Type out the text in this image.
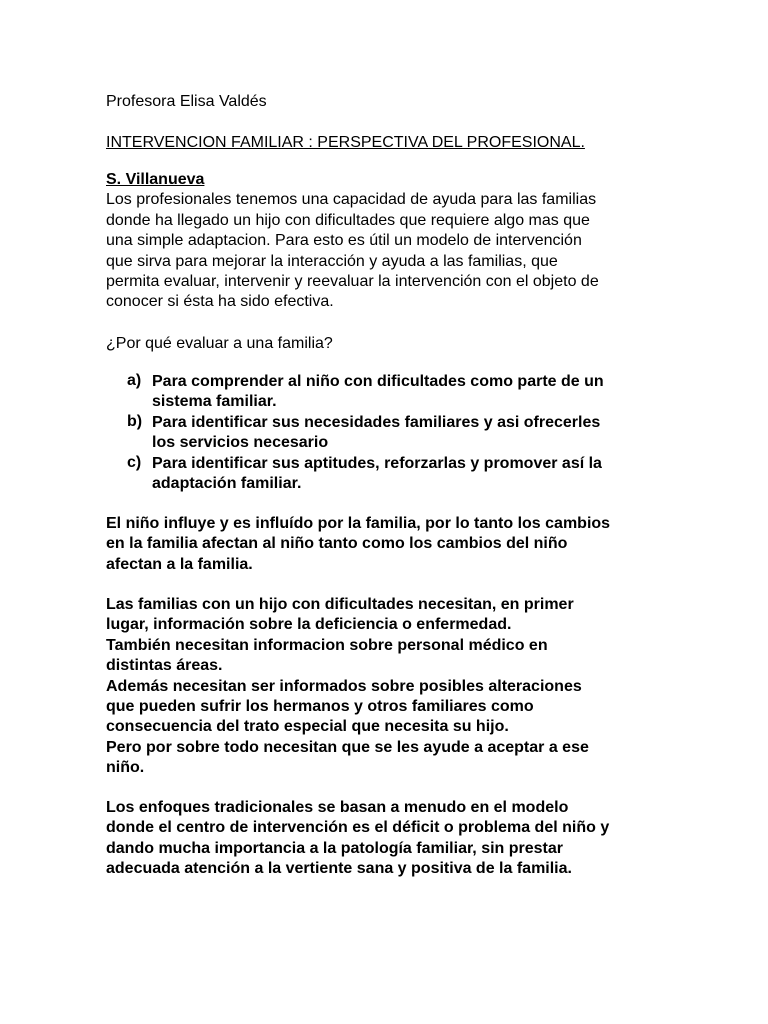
Profesora Elisa Valdés
INTERVENCION FAMILIAR : PERSPECTIVA DEL PROFESIONAL.
S. Villanueva
Los profesionales tenemos una capacidad de ayuda para las familias
donde ha llegado un hijo con dificultades que requiere algo mas que
una simple adaptacion. Para esto es útil un modelo de intervención
que sirva para mejorar la interacción y ayuda a las familias, que
permita evaluar, intervenir y reevaluar la intervención con el objeto de
conocer si ésta ha sido efectiva.
¿Por qué evaluar a una familia?
a) Para comprender al niño con dificultades como parte de un
sistema familiar.
b) Para identificar sus necesidades familiares y asi ofrecerles
los servicios necesario
c) Para identificar sus aptitudes, reforzarlas y promover así la
adaptación familiar.
El niño influye y es influído por la familia, por lo tanto los cambios
en la familia afectan al niño tanto como los cambios del niño
afectan a la familia.
Las familias con un hijo con dificultades necesitan, en primer
lugar, información sobre la deficiencia o enfermedad.
También necesitan informacion sobre personal médico en
distintas áreas.
Además necesitan ser informados sobre posibles alteraciones
que pueden sufrir los hermanos y otros familiares como
consecuencia del trato especial que necesita su hijo.
Pero por sobre todo necesitan que se les ayude a aceptar a ese
niño.
Los enfoques tradicionales se basan a menudo en el modelo
donde el centro de intervención es el déficit o problema del niño y
dando mucha importancia a la patología familiar, sin prestar
adecuada atención a la vertiente sana y positiva de la familia.
